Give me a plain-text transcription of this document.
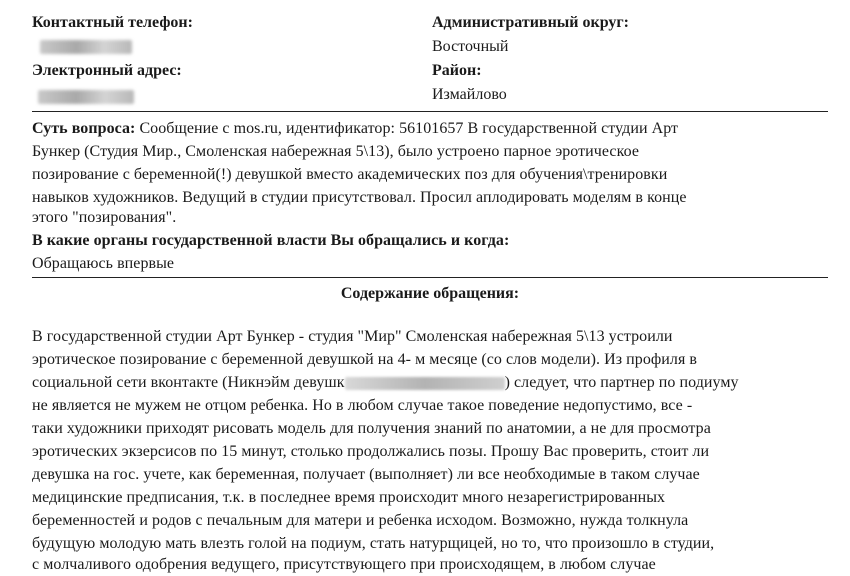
Контактный телефон:
Электронный адрес:
Административный округ:
Восточный
Район:
Измайлово
Суть вопроса: Сообщение с mos.ru, идентификатор: 56101657 В государственной студии Арт
Бункер (Студия Мир., Смоленская набережная 5\13), было устроено парное эротическое
позирование с беременной(!) девушкой вместо академических поз для обучения\тренировки
навыков художников. Ведущий в студии присутствовал. Просил аплодировать моделям в конце
этого "позирования".
В какие органы государственной власти Вы обращались и когда:
Обращаюсь впервые
Содержание обращения:
В государственной студии Арт Бункер - студия "Мир" Смоленская набережная 5\13 устроили
эротическое позирование с беременной девушкой на 4- м месяце (со слов модели). Из профиля в
социальной сети вконтакте (Никнэйм девушк	) следует, что партнер по подиуму
не является не мужем не отцом ребенка. Но в любом случае такое поведение недопустимо, все -
таки художники приходят рисовать модель для получения знаний по анатомии, а не для просмотра
эротических экзерсисов по 15 минут, столько продолжались позы. Прошу Вас проверить, стоит ли
девушка на гос. учете, как беременная, получает (выполняет) ли все необходимые в таком случае
медицинские предписания, т.к. в последнее время происходит много незарегистрированных
беременностей и родов с печальным для матери и ребенка исходом. Возможно, нужда толкнула
будущую молодую мать влезть голой на подиум, стать натурщицей, но то, что произошло в студии,
с молчаливого одобрения ведущего, присутствующего при происходящем, в любом случае
